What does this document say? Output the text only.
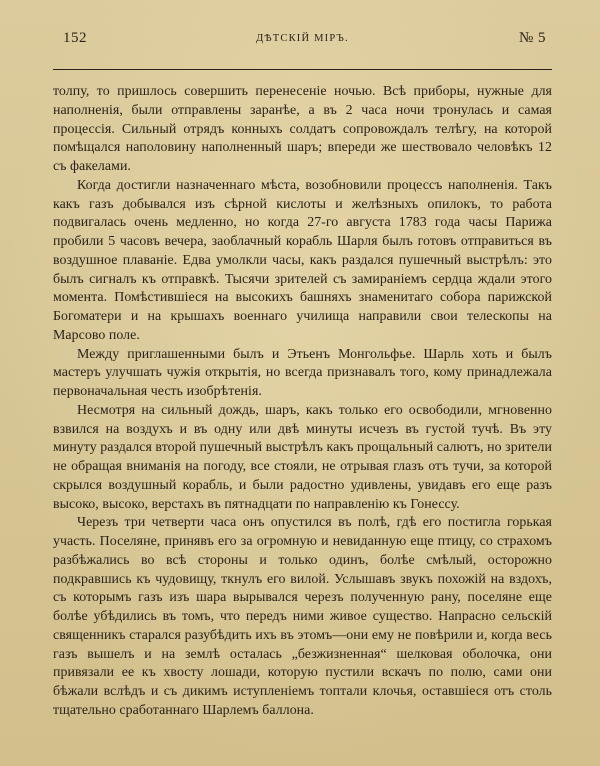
152	ДѢТСКІЙ МІРЪ.	№ 5

толпу, то пришлось совершить перенесеніе ночью. Всѣ приборы, нужные для наполненія, были отправлены заранѣе, а въ 2 часа ночи тронулась и самая процессія. Сильный отрядъ конныхъ солдатъ сопровождалъ телѣгу, на которой помѣщался наполовину наполненный шаръ; впереди же шествовало человѣкъ 12 съ факелами.

Когда достигли назначеннаго мѣста, возобновили процессъ наполненія. Такъ какъ газъ добывался изъ сѣрной кислоты и желѣзныхъ опилокъ, то работа подвигалась очень медленно, но когда 27-го августа 1783 года часы Парижа пробили 5 часовъ вечера, заоблачный корабль Шарля былъ готовъ отправиться въ воздушное плаваніе. Едва умолкли часы, какъ раздался пушечный выстрѣлъ: это былъ сигналъ къ отправкѣ. Тысячи зрителей съ замираніемъ сердца ждали этого момента. Помѣстившіеся на высокихъ башняхъ знаменитаго собора парижской Богоматери и на крышахъ военнаго училища направили свои телескопы на Марсово поле.

Между приглашенными былъ и Этьенъ Монгольфье. Шарль хоть и былъ мастеръ улучшать чужія открытія, но всегда признавалъ того, кому принадлежала первоначальная честь изобрѣтенія.

Несмотря на сильный дождь, шаръ, какъ только его освободили, мгновенно взвился на воздухъ и въ одну или двѣ минуты исчезъ въ густой тучѣ. Въ эту минуту раздался второй пушечный выстрѣлъ какъ прощальный салютъ, но зрители не обращая вниманія на погоду, все стояли, не отрывая глазъ отъ тучи, за которой скрылся воздушный корабль, и были радостно удивлены, увидавъ его еще разъ высоко, высоко, верстахъ въ пятнадцати по направленію къ Гонессу.

Черезъ три четверти часа онъ опустился въ полѣ, гдѣ его постигла горькая участь. Поселяне, принявъ его за огромную и невиданную еще птицу, со страхомъ разбѣжались во всѣ стороны и только одинъ, болѣе смѣлый, осторожно подкравшись къ чудовищу, ткнулъ его вилой. Услышавъ звукъ похожій на вздохъ, съ которымъ газъ изъ шара вырывался черезъ полученную рану, поселяне еще болѣе убѣдились въ томъ, что передъ ними живое существо. Напрасно сельскій священникъ старался разубѣдить ихъ въ этомъ—они ему не повѣрили и, когда весь газъ вышелъ и на землѣ осталась „безжизненная“ шелковая оболочка, они привязали ее къ хвосту лошади, которую пустили вскачъ по полю, сами они бѣжали вслѣдъ и съ дикимъ иступленіемъ топтали клочья, оставшіеся отъ столь тщательно сработаннаго Шарлемъ баллона.
